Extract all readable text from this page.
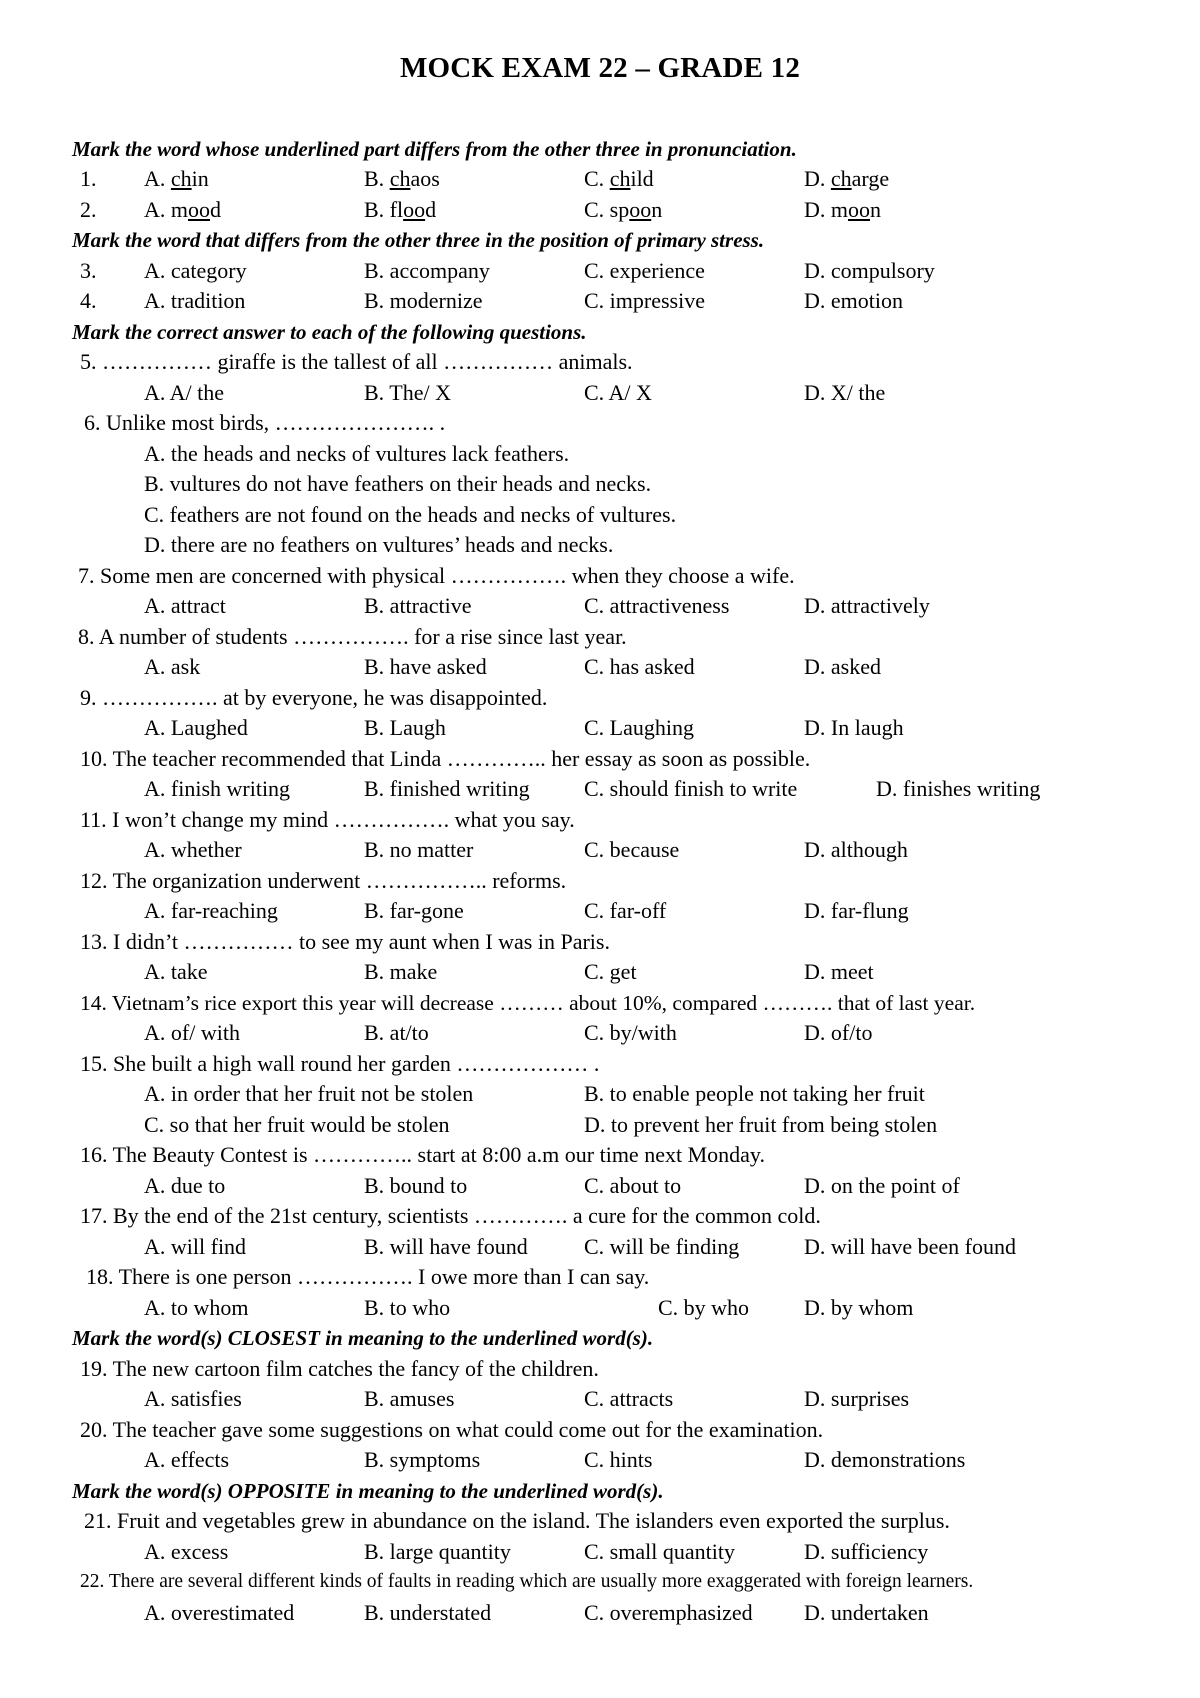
MOCK EXAM 22 – GRADE 12
Mark the word whose underlined part differs from the other three in pronunciation.
1. A. chin	B. chaos	C. child	D. charge
2. A. mood	B. flood	C. spoon	D. moon
Mark the word that differs from the other three in the position of primary stress.
3. A. category	B. accompany	C. experience	D. compulsory
4. A. tradition	B. modernize	C. impressive	D. emotion
Mark the correct answer to each of the following questions.
5. …………… giraffe is the tallest of all …………… animals.
A. A/ the	B. The/ X	C. A/ X	D. X/ the
6. Unlike most birds, …………………. .
A. the heads and necks of vultures lack feathers.
B. vultures do not have feathers on their heads and necks.
C. feathers are not found on the heads and necks of vultures.
D. there are no feathers on vultures’ heads and necks.
7. Some men are concerned with physical ……………. when they choose a wife.
A. attract	B. attractive	C. attractiveness	D. attractively
8. A number of students ……………. for a rise since last year.
A. ask	B. have asked	C. has asked	D. asked
9. ……………. at by everyone, he was disappointed.
A. Laughed	B. Laugh	C. Laughing	D. In laugh
10. The teacher recommended that Linda ………….. her essay as soon as possible.
A. finish writing	B. finished writing C. should finish to write	D. finishes writing
11. I won’t change my mind ……………. what you say.
A. whether	B. no matter	C. because	D. although
12. The organization underwent …………….. reforms.
A. far-reaching	B. far-gone	C. far-off	D. far-flung
13. I didn’t …………… to see my aunt when I was in Paris.
A. take	B. make	C. get	D. meet
14. Vietnam’s rice export this year will decrease ……… about 10%, compared ………. that of last year.
A. of/ with	B. at/to	C. by/with	D. of/to
15. She built a high wall round her garden ……………… .
A. in order that her fruit not be stolen	B. to enable people not taking her fruit
C. so that her fruit would be stolen	D. to prevent her fruit from being stolen
16. The Beauty Contest is ………….. start at 8:00 a.m our time next Monday.
A. due to	B. bound to	C. about to	D. on the point of
17. By the end of the 21st century, scientists …………. a cure for the common cold.
A. will find	B. will have found	C. will be finding	D. will have been found
18. There is one person ……………. I owe more than I can say.
A. to whom	B. to who	C. by who D. by whom
Mark the word(s) CLOSEST in meaning to the underlined word(s).
19. The new cartoon film catches the fancy of the children.
A. satisfies	B. amuses	C. attracts	D. surprises
20. The teacher gave some suggestions on what could come out for the examination.
A. effects	B. symptoms	C. hints	D. demonstrations
Mark the word(s) OPPOSITE in meaning to the underlined word(s).
21. Fruit and vegetables grew in abundance on the island. The islanders even exported the surplus.
A. excess	B. large quantity	C. small quantity	D. sufficiency
22. There are several different kinds of faults in reading which are usually more exaggerated with foreign learners.
A. overestimated	B. understated	C. overemphasized D. undertaken
